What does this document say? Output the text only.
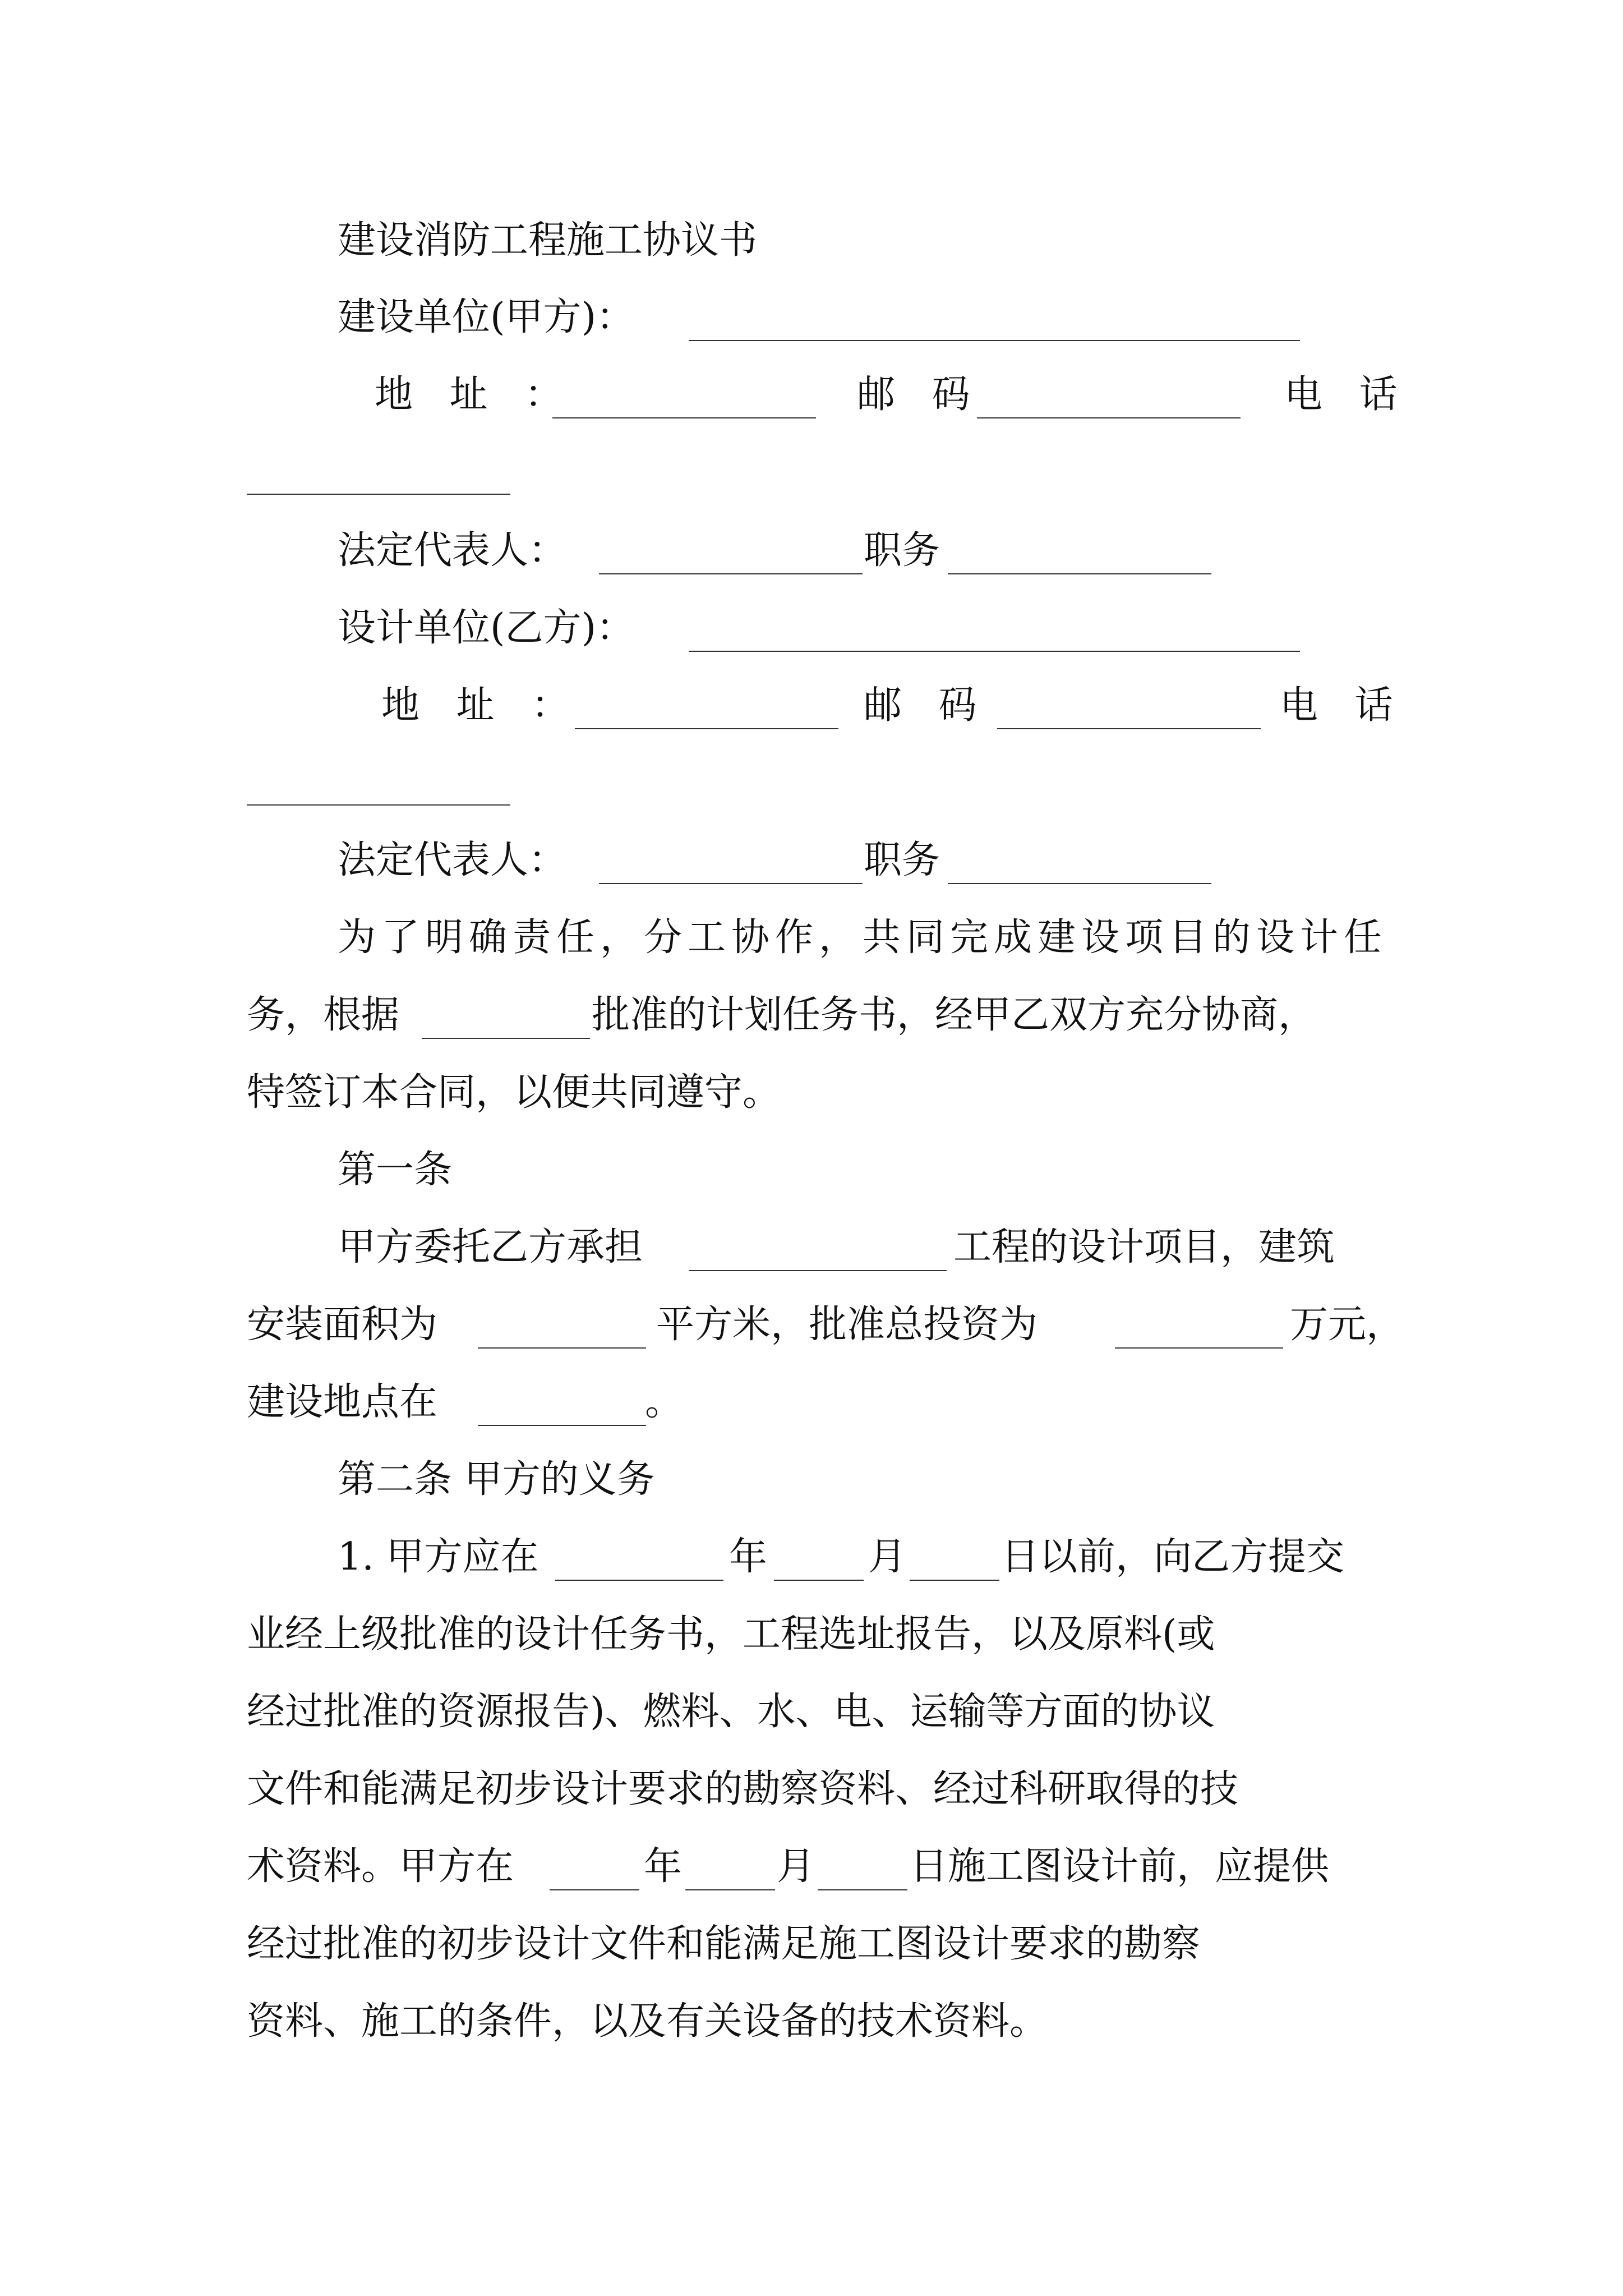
建设消防工程施工协议书
建设单位(甲方)：
地 址 ：	邮 码	电 话
法定代表人：	职务
设计单位(乙方)：
地 址 ：	邮 码	电 话
法定代表人：	职务
为了明确责任，分工协作，共同完成建设项目的设计任
务，根据	批准的计划任务书，经甲乙双方充分协商，
特签订本合同，以便共同遵守。
第一条
甲方委托乙方承担	工程的设计项目，建筑
安装面积为	平方米，批准总投资为	万元，
建设地点在	。
第二条 甲方的义务
1. 甲方应在	年	月 日以前，向乙方提交
业经上级批准的设计任务书，工程选址报告，以及原料(或
经过批准的资源报告)、燃料、水、电、运输等方面的协议
文件和能满足初步设计要求的勘察资料、经过科研取得的技
术资料。甲方在	年 月 日施工图设计前，应提供
经过批准的初步设计文件和能满足施工图设计要求的勘察
资料、施工的条件，以及有关设备的技术资料。
